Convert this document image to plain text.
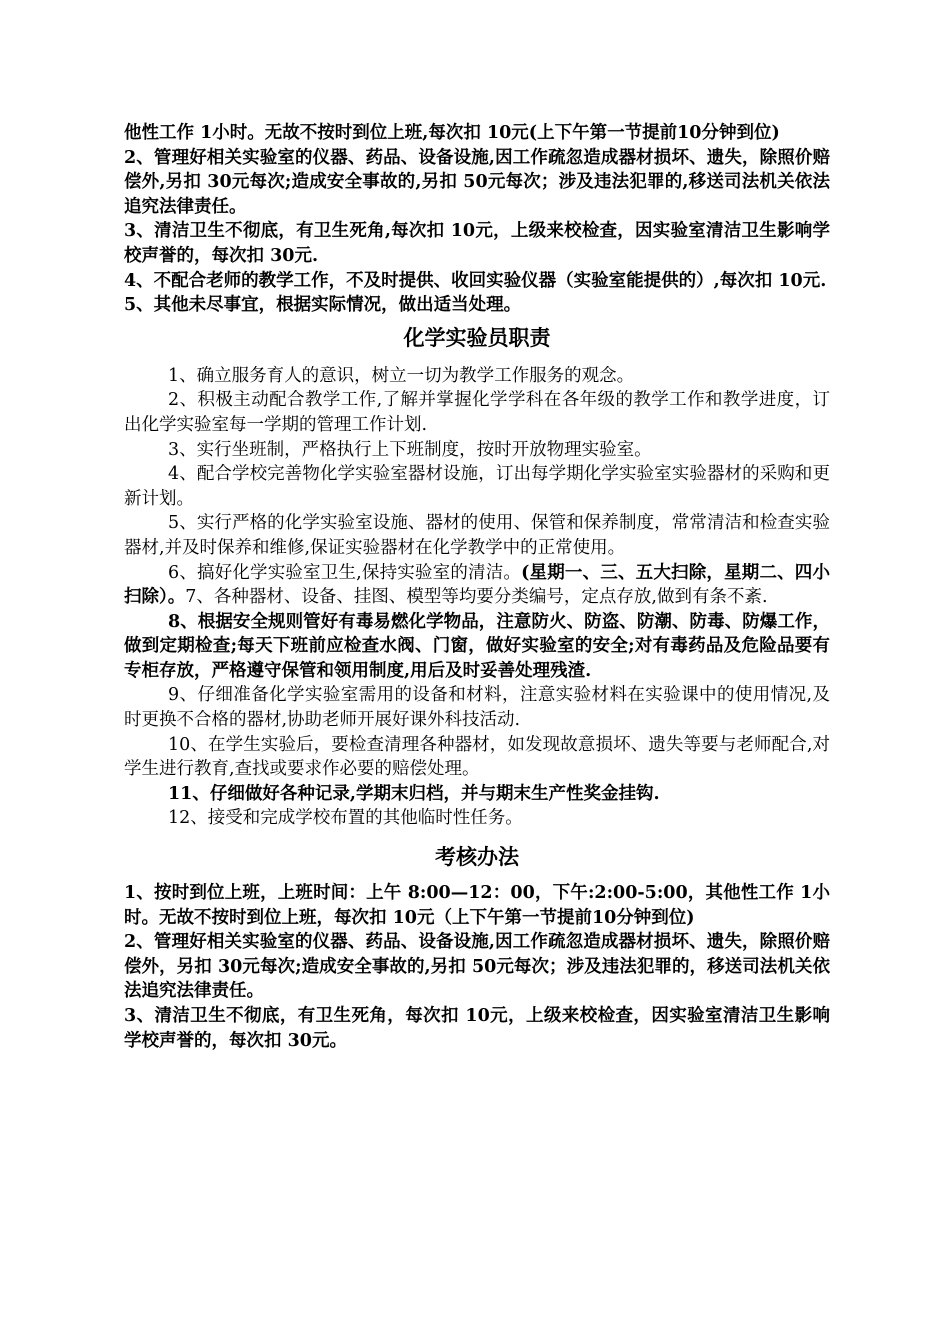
他性工作 1小时。无故不按时到位上班,每次扣 10元(上下午第一节提前10分钟到位)

2、管理好相关实验室的仪器、药品、设备设施,因工作疏忽造成器材损坏、遗失，除照价赔偿外,另扣 30元每次;造成安全事故的,另扣 50元每次；涉及违法犯罪的,移送司法机关依法追究法律责任。

3、清洁卫生不彻底，有卫生死角,每次扣 10元，上级来校检查，因实验室清洁卫生影响学校声誉的，每次扣 30元.

4、不配合老师的教学工作，不及时提供、收回实验仪器（实验室能提供的）,每次扣 10元.

5、其他未尽事宜，根据实际情况，做出适当处理。

化学实验员职责

1、确立服务育人的意识，树立一切为教学工作服务的观念。

2、积极主动配合教学工作,了解并掌握化学学科在各年级的教学工作和教学进度，订出化学实验室每一学期的管理工作计划.

3、实行坐班制，严格执行上下班制度，按时开放物理实验室。

4、配合学校完善物化学实验室器材设施，订出每学期化学实验室实验器材的采购和更新计划。

5、实行严格的化学实验室设施、器材的使用、保管和保养制度，常常清洁和检查实验器材,并及时保养和维修,保证实验器材在化学教学中的正常使用。

6、搞好化学实验室卫生,保持实验室的清洁。(星期一、三、五大扫除，星期二、四小扫除）。7、各种器材、设备、挂图、模型等均要分类编号，定点存放,做到有条不紊.

8、根据安全规则管好有毒易燃化学物品，注意防火、防盗、防潮、防毒、防爆工作，做到定期检查;每天下班前应检查水阀、门窗，做好实验室的安全;对有毒药品及危险品要有专柜存放，严格遵守保管和领用制度,用后及时妥善处理残渣.

9、仔细准备化学实验室需用的设备和材料，注意实验材料在实验课中的使用情况,及时更换不合格的器材,协助老师开展好课外科技活动.

10、在学生实验后，要检查清理各种器材，如发现故意损坏、遗失等要与老师配合,对学生进行教育,查找或要求作必要的赔偿处理。

11、仔细做好各种记录,学期末归档，并与期末生产性奖金挂钩.

12、接受和完成学校布置的其他临时性任务。

考核办法

1、按时到位上班，上班时间：上午 8:00—12：00，下午:2:00-5:00，其他性工作 1小时。无故不按时到位上班，每次扣 10元（上下午第一节提前10分钟到位)

2、管理好相关实验室的仪器、药品、设备设施,因工作疏忽造成器材损坏、遗失，除照价赔偿外，另扣 30元每次;造成安全事故的,另扣 50元每次；涉及违法犯罪的，移送司法机关依法追究法律责任。

3、清洁卫生不彻底，有卫生死角，每次扣 10元，上级来校检查，因实验室清洁卫生影响学校声誉的，每次扣 30元。
